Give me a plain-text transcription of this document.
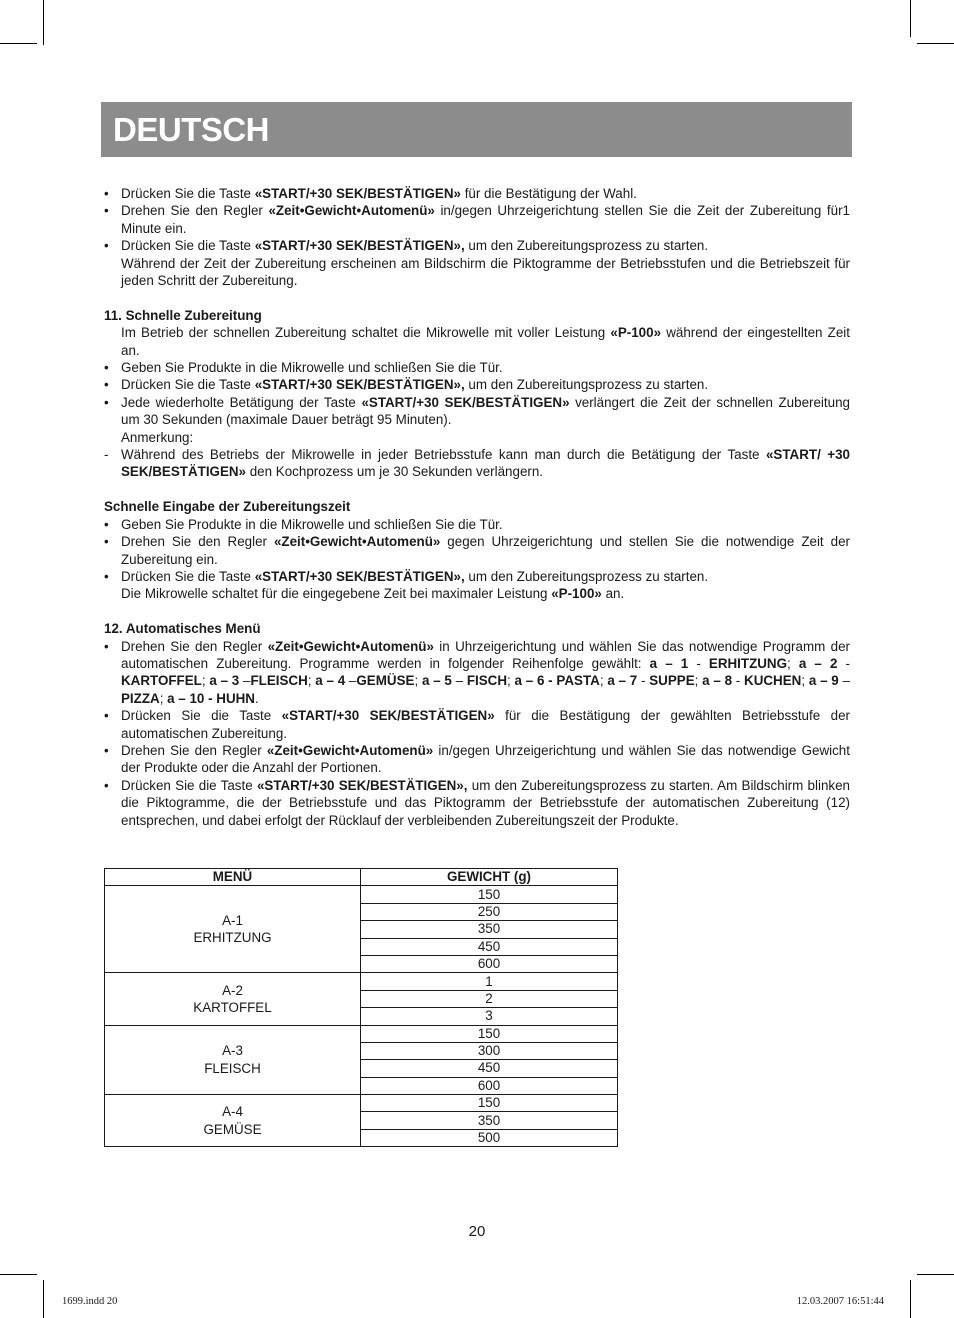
DEUTSCH

• Drücken Sie die Taste «START/+30 SEK/BESTÄTIGEN» für die Bestätigung der Wahl.

• Drehen Sie den Regler «Zeit•Gewicht•Automenü» in/gegen Uhrzeigerichtung stellen Sie die Zeit der Zubereitung für1 Minute ein.

• Drücken Sie die Taste «START/+30 SEK/BESTÄTIGEN», um den Zubereitungsprozess zu starten.

Während der Zeit der Zubereitung erscheinen am Bildschirm die Piktogramme der Betriebsstufen und die Betriebszeit für jeden Schritt der Zubereitung.

11. Schnelle Zubereitung

Im Betrieb der schnellen Zubereitung schaltet die Mikrowelle mit voller Leistung «P-100» während der eingestellten Zeit an.

• Geben Sie Produkte in die Mikrowelle und schließen Sie die Tür.

• Drücken Sie die Taste «START/+30 SEK/BESTÄTIGEN», um den Zubereitungsprozess zu starten.

• Jede wiederholte Betätigung der Taste «START/+30 SEK/BESTÄTIGEN» verlängert die Zeit der schnellen Zubereitung um 30 Sekunden (maximale Dauer beträgt 95 Minuten).

Anmerkung:

- Während des Betriebs der Mikrowelle in jeder Betriebsstufe kann man durch die Betätigung der Taste «START/ +30 SEK/BESTÄTIGEN» den Kochprozess um je 30 Sekunden verlängern.

Schnelle Eingabe der Zubereitungszeit

• Geben Sie Produkte in die Mikrowelle und schließen Sie die Tür.

• Drehen Sie den Regler «Zeit•Gewicht•Automenü» gegen Uhrzeigerichtung und stellen Sie die notwendige Zeit der Zubereitung ein.

• Drücken Sie die Taste «START/+30 SEK/BESTÄTIGEN», um den Zubereitungsprozess zu starten.

Die Mikrowelle schaltet für die eingegebene Zeit bei maximaler Leistung «P-100» an.

12. Automatisches Menü

• Drehen Sie den Regler «Zeit•Gewicht•Automenü» in Uhrzeigerichtung und wählen Sie das notwendige Programm der automatischen Zubereitung. Programme werden in folgender Reihenfolge gewählt: a – 1 - ERHITZUNG; a – 2 - KARTOFFEL; a – 3 –FLEISCH; a – 4 –GEMÜSE; a – 5 – FISCH; a – 6 - PASTA; a – 7 - SUPPE; a – 8 - KUCHEN; a – 9 – PIZZA; a – 10 - HUHN.

• Drücken Sie die Taste «START/+30 SEK/BESTÄTIGEN» für die Bestätigung der gewählten Betriebsstufe der automatischen Zubereitung.

• Drehen Sie den Regler «Zeit•Gewicht•Automenü» in/gegen Uhrzeigerichtung und wählen Sie das notwendige Gewicht der Produkte oder die Anzahl der Portionen.

• Drücken Sie die Taste «START/+30 SEK/BESTÄTIGEN», um den Zubereitungsprozess zu starten. Am Bildschirm blinken die Piktogramme, die der Betriebsstufe und das Piktogramm der Betriebsstufe der automatischen Zubereitung (12) entsprechen, und dabei erfolgt der Rücklauf der verbleibenden Zubereitungszeit der Produkte.

MENÜ	GEWICHT (g)

A-1
ERHITZUNG	150
	250
	350
	450
	600

A-2
KARTOFFEL	1
	2
	3

A-3
FLEISCH	150
	300
	450
	600

A-4
GEMÜSE	150
	350
	500
20
1699.indd 20	12.03.2007 16:51:44
